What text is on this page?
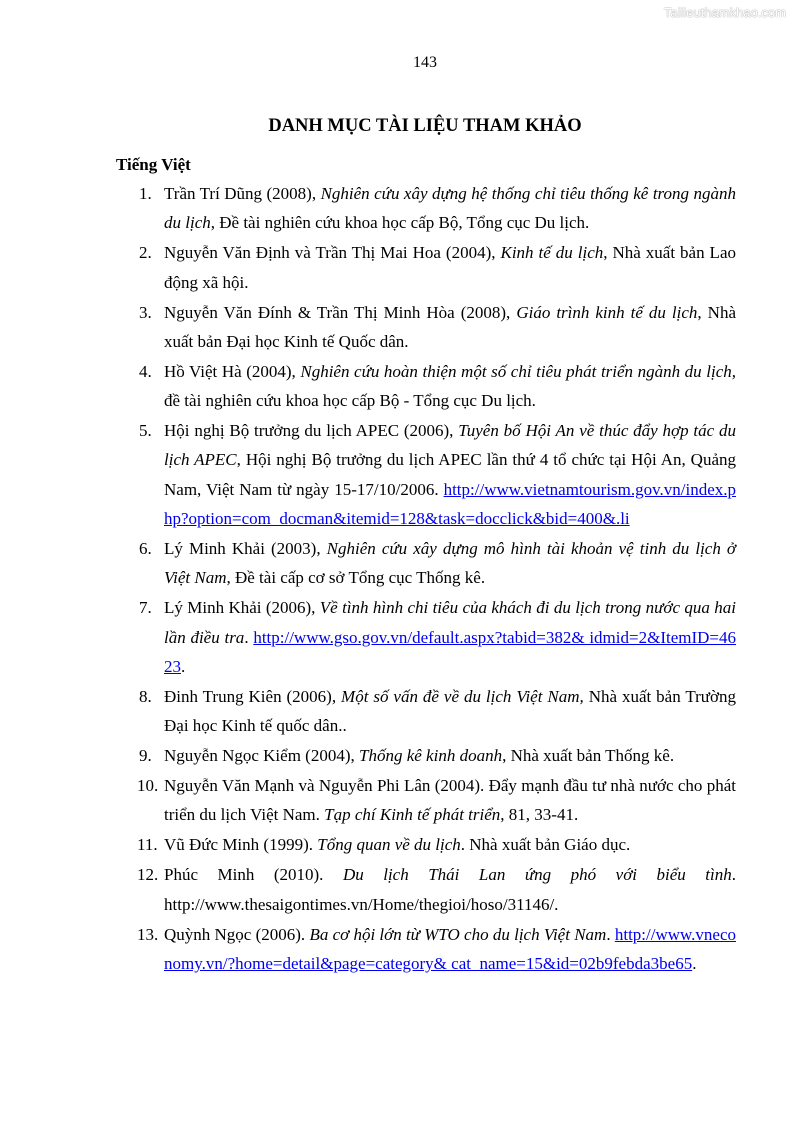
Tailieuthamkhao.com
143
DANH MỤC TÀI LIỆU THAM KHẢO
Tiếng Việt
1. Trần Trí Dũng (2008), Nghiên cứu xây dựng hệ thống chỉ tiêu thống kê trong ngành du lịch, Đề tài nghiên cứu khoa học cấp Bộ, Tổng cục Du lịch.
2. Nguyễn Văn Định và Trần Thị Mai Hoa (2004), Kinh tế du lịch, Nhà xuất bản Lao động xã hội.
3. Nguyễn Văn Đính & Trần Thị Minh Hòa (2008), Giáo trình kinh tế du lịch, Nhà xuất bản Đại học Kinh tế Quốc dân.
4. Hồ Việt Hà (2004), Nghiên cứu hoàn thiện một số chỉ tiêu phát triển ngành du lịch, đề tài nghiên cứu khoa học cấp Bộ - Tổng cục Du lịch.
5. Hội nghị Bộ trưởng du lịch APEC (2006), Tuyên bố Hội An về thúc đẩy hợp tác du lịch APEC, Hội nghị Bộ trưởng du lịch APEC lần thứ 4 tổ chức tại Hội An, Quảng Nam, Việt Nam từ ngày 15-17/10/2006. http://www.vietnamtourism.gov.vn/index.php?option=com_docman&itemid=128&task=docclick&bid=400&.li
6. Lý Minh Khải (2003), Nghiên cứu xây dựng mô hình tài khoản vệ tinh du lịch ở Việt Nam, Đề tài cấp cơ sở Tổng cục Thống kê.
7. Lý Minh Khải (2006), Về tình hình chi tiêu của khách đi du lịch trong nước qua hai lần điều tra. http://www.gso.gov.vn/default.aspx?tabid=382& idmid=2&ItemID=4623.
8. Đinh Trung Kiên (2006), Một số vấn đề về du lịch Việt Nam, Nhà xuất bản Trường Đại học Kinh tế quốc dân..
9. Nguyễn Ngọc Kiểm (2004), Thống kê kinh doanh, Nhà xuất bản Thống kê.
10. Nguyễn Văn Mạnh và Nguyễn Phi Lân (2004). Đẩy mạnh đầu tư nhà nước cho phát triển du lịch Việt Nam. Tạp chí Kinh tế phát triển, 81, 33-41.
11. Vũ Đức Minh (1999). Tổng quan về du lịch. Nhà xuất bản Giáo dục.
12. Phúc Minh (2010). Du lịch Thái Lan ứng phó với biểu tình. http://www.thesaigontimes.vn/Home/thegioi/hoso/31146/.
13. Quỳnh Ngọc (2006). Ba cơ hội lớn từ WTO cho du lịch Việt Nam. http://www.vneconomy.vn/?home=detail&page=category& cat_name=15&id=02b9febda3be65.
